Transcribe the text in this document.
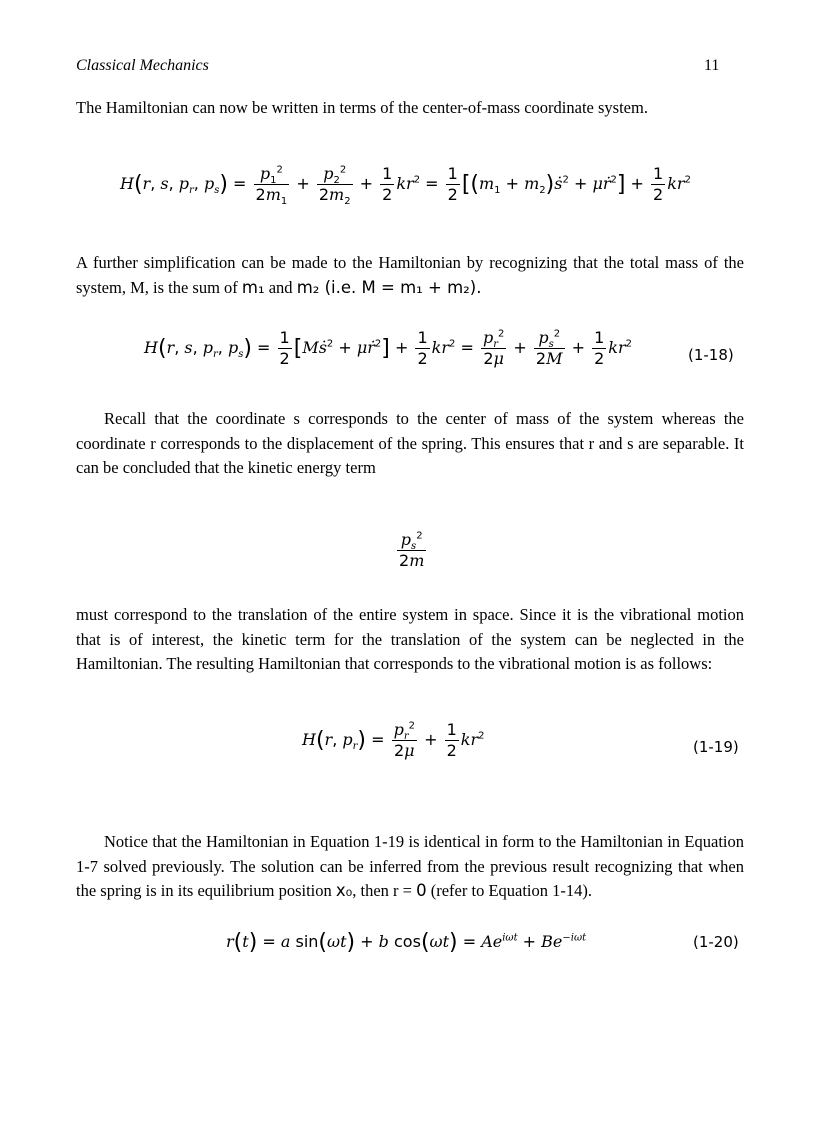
Classical Mechanics	11
The Hamiltonian can now be written in terms of the center-of-mass coordinate system.
H(r, s, $p_r$, $p_s) = \frac{p_1^2}{2m_1} + \frac{p_2^2}{2m_2} + \frac{1}{2} kr^2 = \frac{1}{2} [(m_1$ + $m_2)ṡ^2$ + μṙ$^2$] + $\frac{1}{2} kr^2$
A further simplification can be made to the Hamiltonian by recognizing that the total mass of the system, M, is the sum of m₁ and m₂ (i.e. M = m₁ + m₂).
H(r, s, $p_r$, $p_s) = \frac{1}{2}$ [Mṡ$^2$ + μṙ$^2$] + $\frac{1}{2} kr^2 = \frac{p_r^2}{2\mu} + \frac{p_s^2}{2M} + \frac{1}{2} kr^2$
(1-18)
Recall that the coordinate s corresponds to the center of mass of the system whereas the coordinate r corresponds to the displacement of the spring. This ensures that r and s are separable. It can be concluded that the kinetic energy term
$\frac{p_s^2}{2m}$
must correspond to the translation of the entire system in space. Since it is the vibrational motion that is of interest, the kinetic term for the translation of the system can be neglected in the Hamiltonian. The resulting Hamiltonian that corresponds to the vibrational motion is as follows:
H(r, $p_r) = \frac{p_r^2}{2\mu} + \frac{1}{2} kr^2$
(1-19)
Notice that the Hamiltonian in Equation 1-19 is identical in form to the Hamiltonian in Equation 1-7 solved previously. The solution can be inferred from the previous result recognizing that when the spring is in its equilibrium position x₀, then r = 0 (refer to Equation 1-14).
r(t) = a sin(ωt) + b $\cos(\omega t) = Ae^{i\omega t} + Be^{-i\omega t}$	(1-20)
